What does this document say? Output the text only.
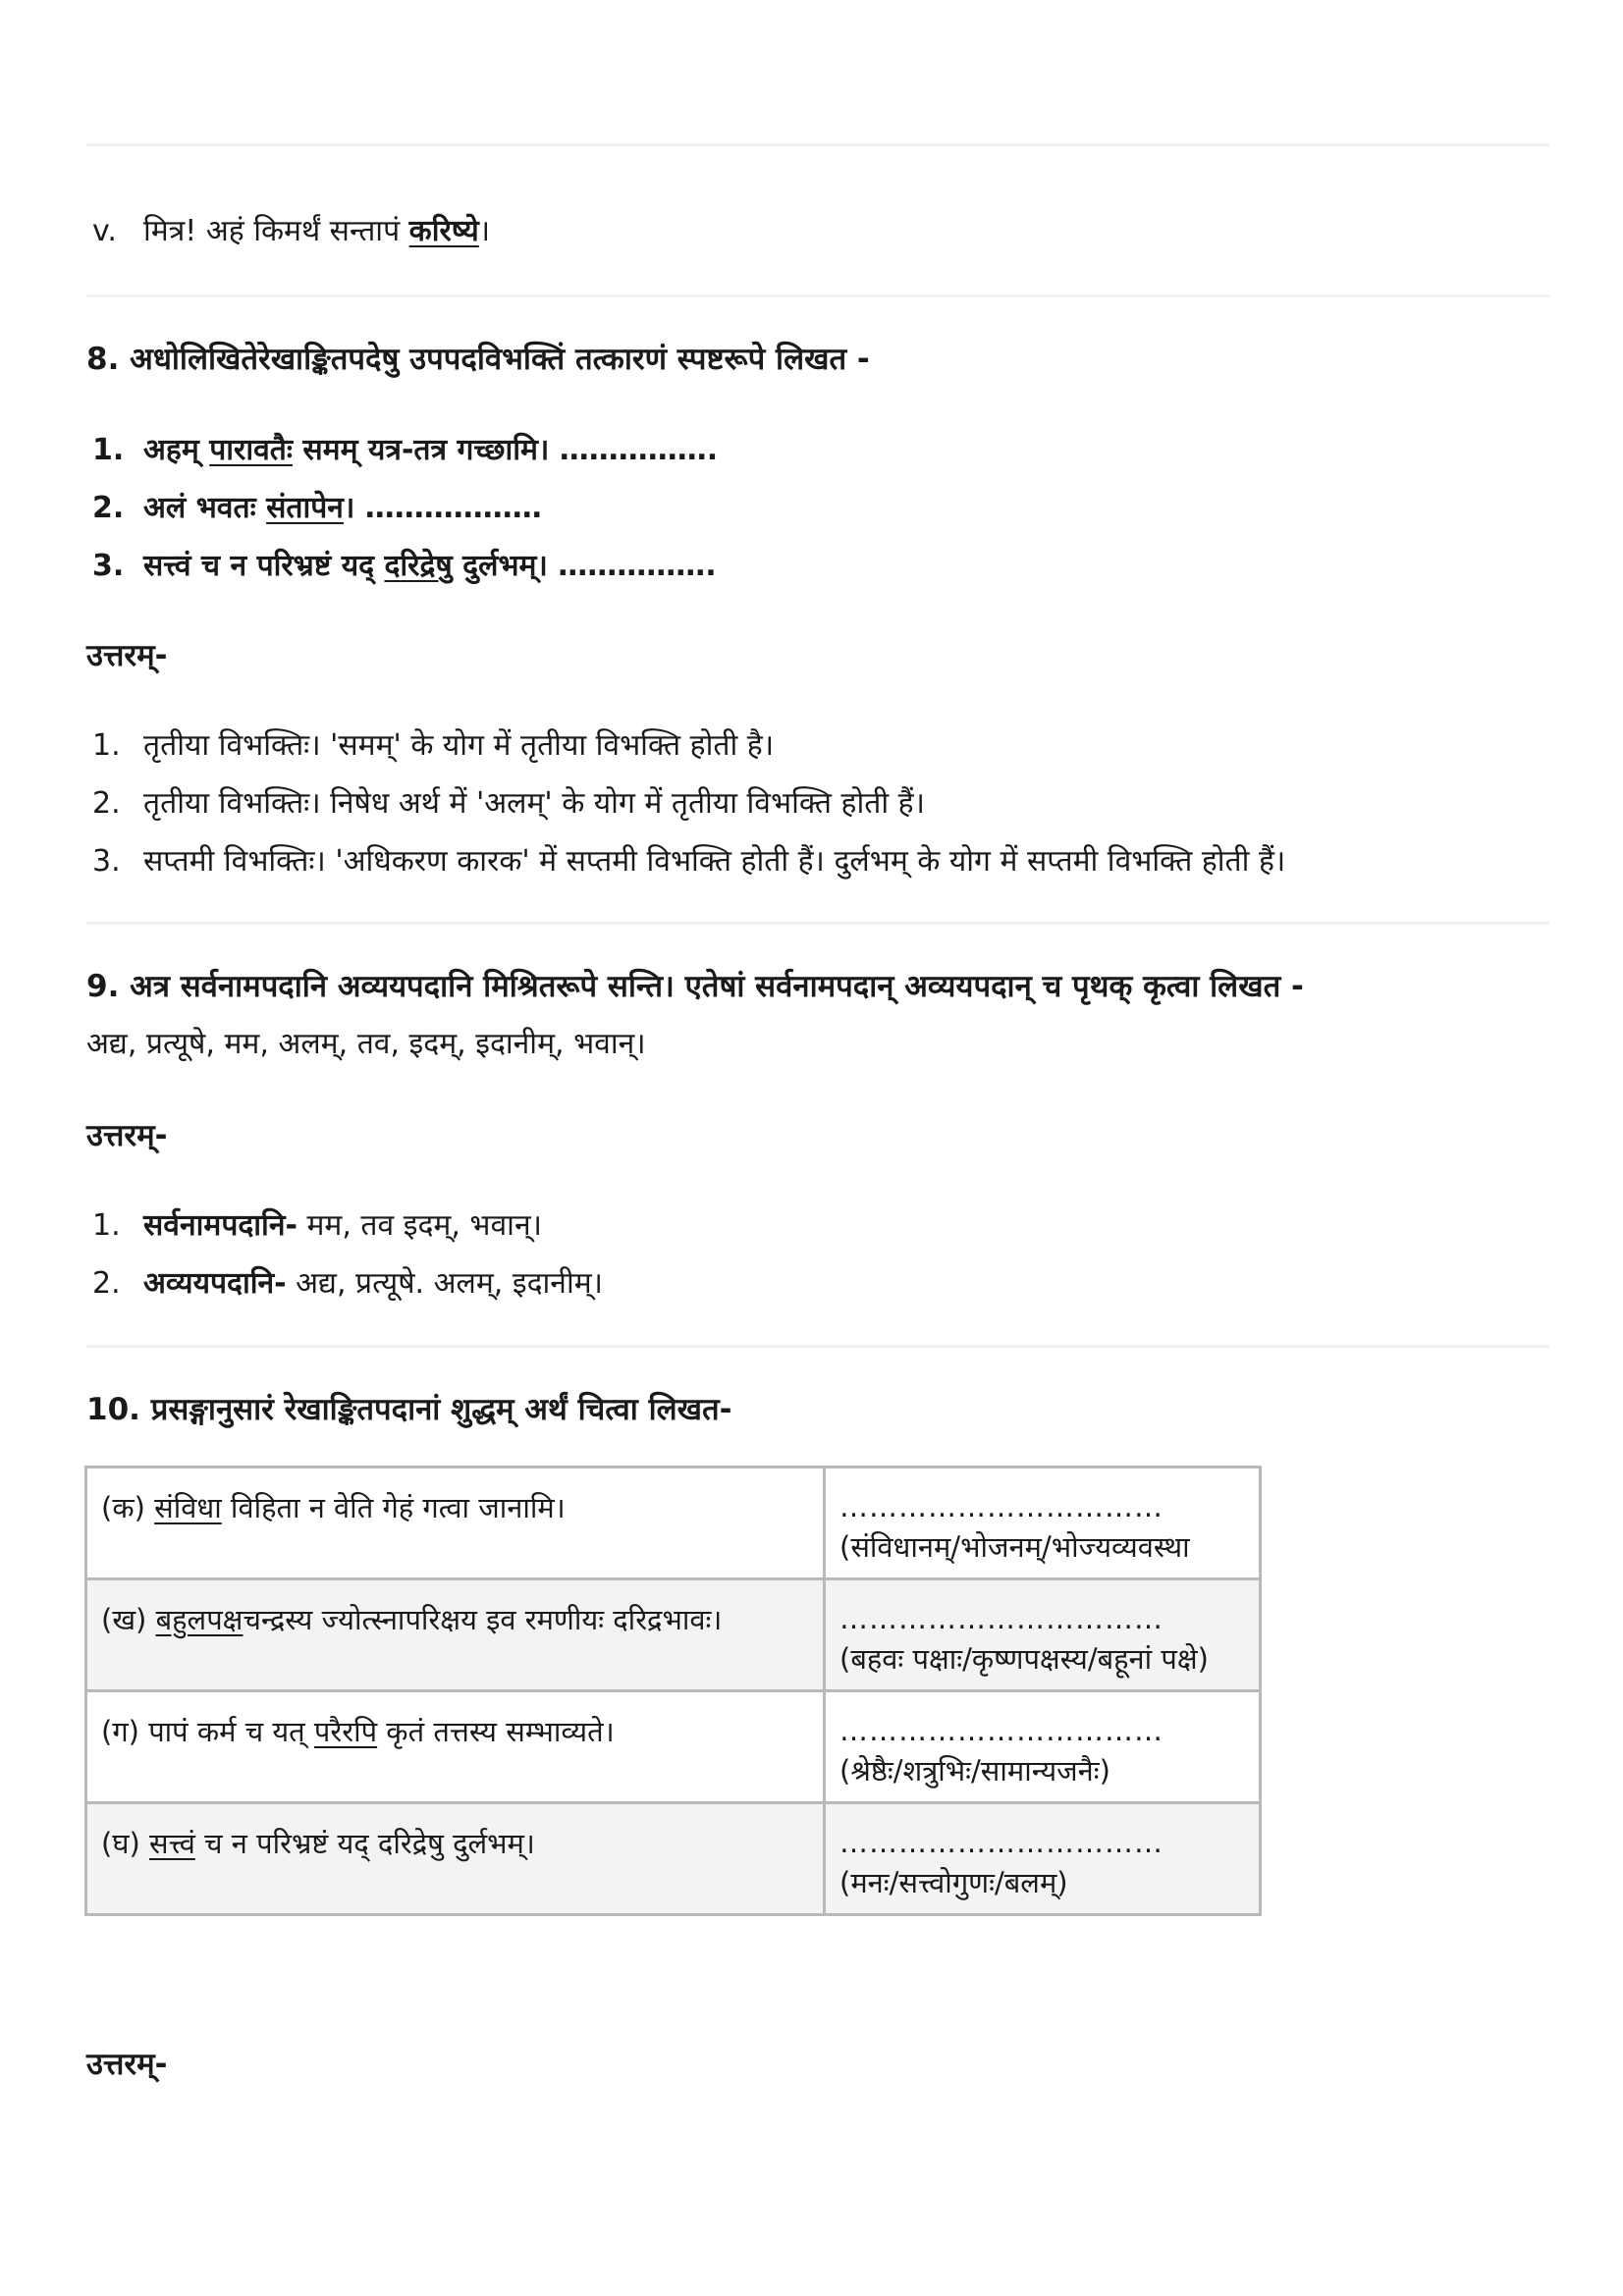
v. मित्र! अहं किमर्थं सन्तापं करिष्ये।
8. अधोलिखितेरेखाङ्कितपदेषु उपपदविभक्तिं तत्कारणं स्पष्टरूपे लिखत -
1. अहम् पारावतैः समम् यत्र-तत्र गच्छामि। …………….
2. अलं भवतः संतापेन। ………………
3. सत्त्वं च न परिभ्रष्टं यद् दरिद्रेषु दुर्लभम्। …………….
उत्तरम्-
1. तृतीया विभक्तिः। 'समम्' के योग में तृतीया विभक्ति होती है।
2. तृतीया विभक्तिः। निषेध अर्थ में 'अलम्' के योग में तृतीया विभक्ति होती हैं।
3. सप्तमी विभक्तिः। 'अधिकरण कारक' में सप्तमी विभक्ति होती हैं। दुर्लभम् के योग में सप्तमी विभक्ति होती हैं।
9. अत्र सर्वनामपदानि अव्ययपदानि मिश्रितरूपे सन्ति। एतेषां सर्वनामपदान् अव्ययपदान् च पृथक् कृत्वा लिखत -
अद्य, प्रत्यूषे, मम, अलम्, तव, इदम्, इदानीम्, भवान्।
उत्तरम्-
1. सर्वनामपदानि- मम, तव इदम्, भवान्।
2. अव्ययपदानि- अद्य, प्रत्यूषे. अलम्, इदानीम्।
10. प्रसङ्गानुसारं रेखाङ्कितपदानां शुद्धम् अर्थं चित्वा लिखत-
(क) संविधा विहिता न वेति गेहं गत्वा जानामि।	……………………………
(संविधानम्/भोजनम्/भोज्यव्यवस्था

(ख) बहुलपक्षचन्द्रस्य ज्योत्स्नापरिक्षय इव रमणीयः दरिद्रभावः।	……………………………
(बहवः पक्षाः/कृष्णपक्षस्य/बहूनां पक्षे)

(ग) पापं कर्म च यत् परैरपि कृतं तत्तस्य सम्भाव्यते।	……………………………
(श्रेष्ठैः/शत्रुभिः/सामान्यजनैः)

(घ) सत्त्वं च न परिभ्रष्टं यद् दरिद्रेषु दुर्लभम्।	……………………………
(मनः/सत्त्वोगुणः/बलम्)
उत्तरम्-
